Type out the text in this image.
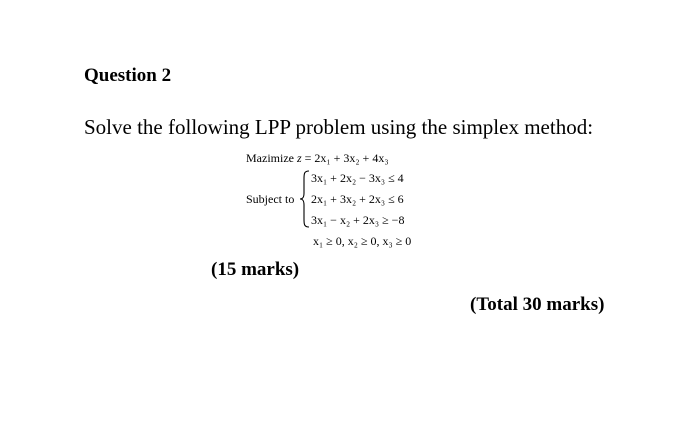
Question 2
Solve the following LPP problem using the simplex method:
Mazimize z = 2x₁ + 3x₂ + 4x₃
Subject to
3x₁ + 2x₂ − 3x₃ ≤ 4
2x₁ + 3x₂ + 2x₃ ≤ 6
3x₁ − x₂ + 2x₃ ≥ −8
x₁ ≥ 0, x₂ ≥ 0, x₃ ≥ 0
(15 marks)
(Total 30 marks)
